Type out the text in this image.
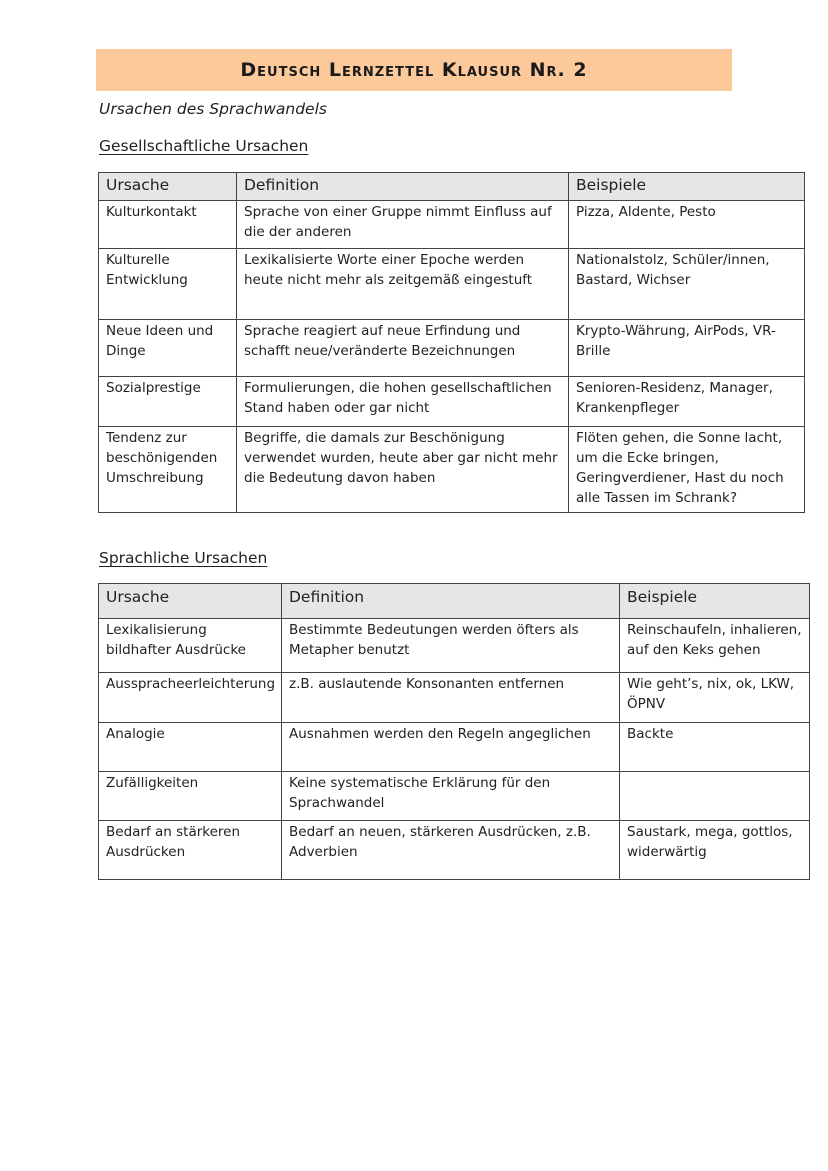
Deutsch Lernzettel Klausur Nr. 2
Ursachen des Sprachwandels
Gesellschaftliche Ursachen
Ursache	Definition	Beispiele
Kulturkontakt	Sprache von einer Gruppe nimmt Einfluss auf die der anderen	Pizza, Aldente, Pesto
Kulturelle Entwicklung	Lexikalisierte Worte einer Epoche werden heute nicht mehr als zeitgemäß eingestuft	Nationalstolz, Schüler/innen, Bastard, Wichser
Neue Ideen und Dinge	Sprache reagiert auf neue Erfindung und schafft neue/veränderte Bezeichnungen	Krypto-Währung, AirPods, VR-Brille
Sozialprestige	Formulierungen, die hohen gesellschaftlichen Stand haben oder gar nicht	Senioren-Residenz, Manager, Krankenpfleger
Tendenz zur beschönigenden Umschreibung	Begriffe, die damals zur Beschönigung verwendet wurden, heute aber gar nicht mehr die Bedeutung davon haben	Flöten gehen, die Sonne lacht, um die Ecke bringen, Geringverdiener, Hast du noch alle Tassen im Schrank?
Sprachliche Ursachen
Ursache	Definition	Beispiele
Lexikalisierung bildhafter Ausdrücke	Bestimmte Bedeutungen werden öfters als Metapher benutzt	Reinschaufeln, inhalieren, auf den Keks gehen
Aussprachеerleichterung	z.B. auslautende Konsonanten entfernen	Wie geht’s, nix, ok, LKW, ÖPNV
Analogie	Ausnahmen werden den Regeln angeglichen	Backte
Zufälligkeiten	Keine systematische Erklärung für den Sprachwandel	
Bedarf an stärkeren Ausdrücken	Bedarf an neuen, stärkeren Ausdrücken, z.B. Adverbien	Saustark, mega, gottlos, widerwärtig
